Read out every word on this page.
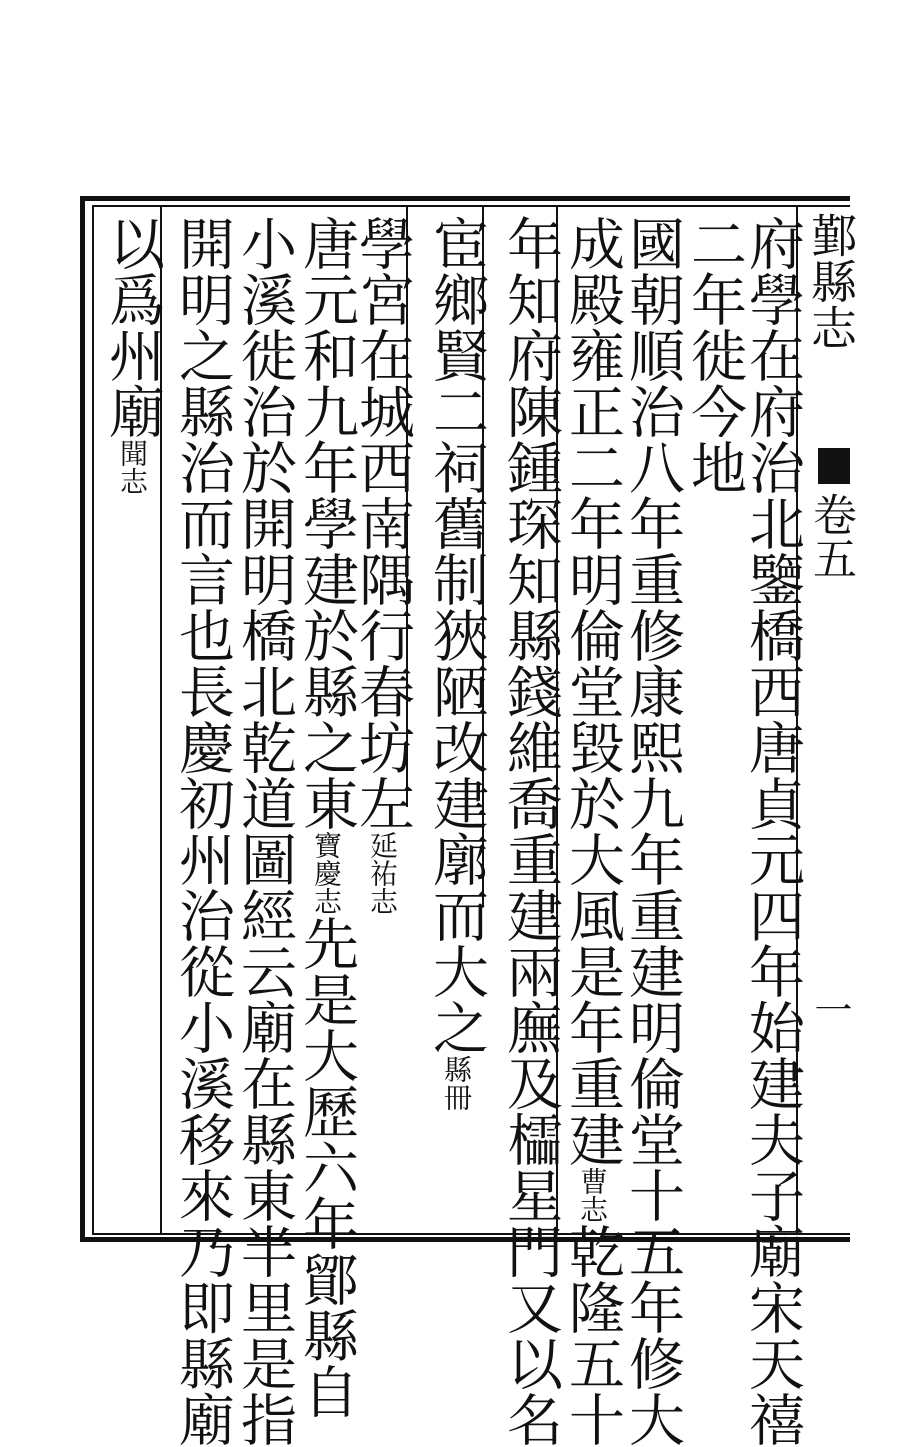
鄞縣志
卷五
一
府學在府治北鑒橋西唐貞元四年始建夫子廟宋天禧
二年徙今地
國朝順治八年重修康熙九年重建明倫堂十五年修大
成殿雍正二年明倫堂毀於大風是年重建曹志乾隆五十
年知府陳鍾琛知縣錢維喬重建兩廡及櫺星門又以名
宦鄉賢二祠舊制狹陋改建廓而大之縣冊
學宮在城西南隅行春坊左延祐志
唐元和九年學建於縣之東寶慶志先是大歷六年鄮縣自
小溪徙治於開明橋北乾道圖經云廟在縣東半里是指
開明之縣治而言也長慶初州治從小溪移來乃即縣廟
以爲州廟聞志
